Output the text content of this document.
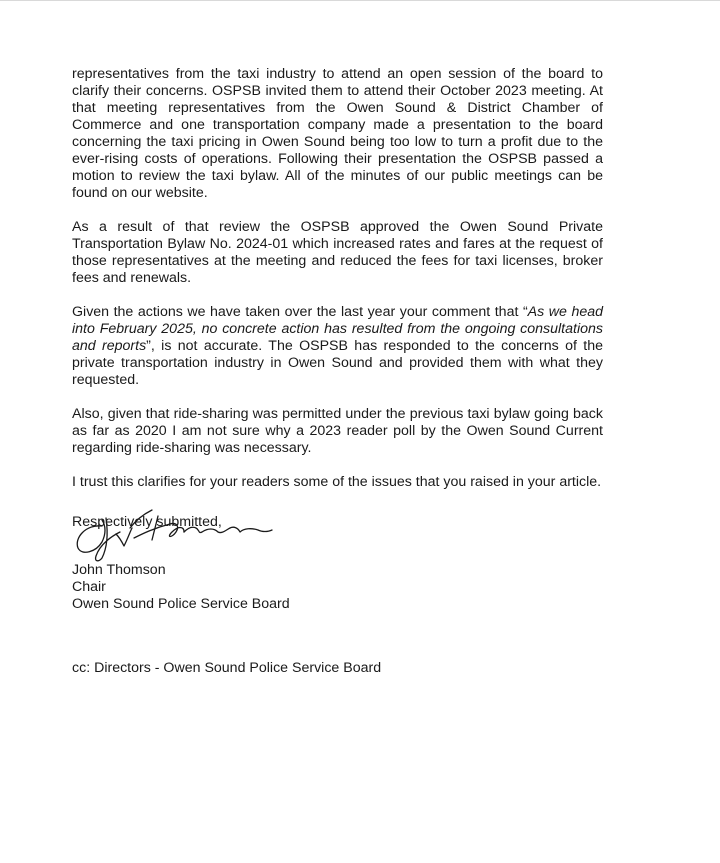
representatives from the taxi industry to attend an open session of the board to clarify their concerns. OSPSB invited them to attend their October 2023 meeting. At that meeting representatives from the Owen Sound & District Chamber of Commerce and one transportation company made a presentation to the board concerning the taxi pricing in Owen Sound being too low to turn a profit due to the ever-rising costs of operations. Following their presentation the OSPSB passed a motion to review the taxi bylaw. All of the minutes of our public meetings can be found on our website.

As a result of that review the OSPSB approved the Owen Sound Private Transportation Bylaw No. 2024-01 which increased rates and fares at the request of those representatives at the meeting and reduced the fees for taxi licenses, broker fees and renewals.

Given the actions we have taken over the last year your comment that “As we head into February 2025, no concrete action has resulted from the ongoing consultations and reports”, is not accurate. The OSPSB has responded to the concerns of the private transportation industry in Owen Sound and provided them with what they requested.

Also, given that ride-sharing was permitted under the previous taxi bylaw going back as far as 2020 I am not sure why a 2023 reader poll by the Owen Sound Current regarding ride-sharing was necessary.

I trust this clarifies for your readers some of the issues that you raised in your article.

Respectively submitted,
John Thomson
Chair
Owen Sound Police Service Board
cc: Directors - Owen Sound Police Service Board
